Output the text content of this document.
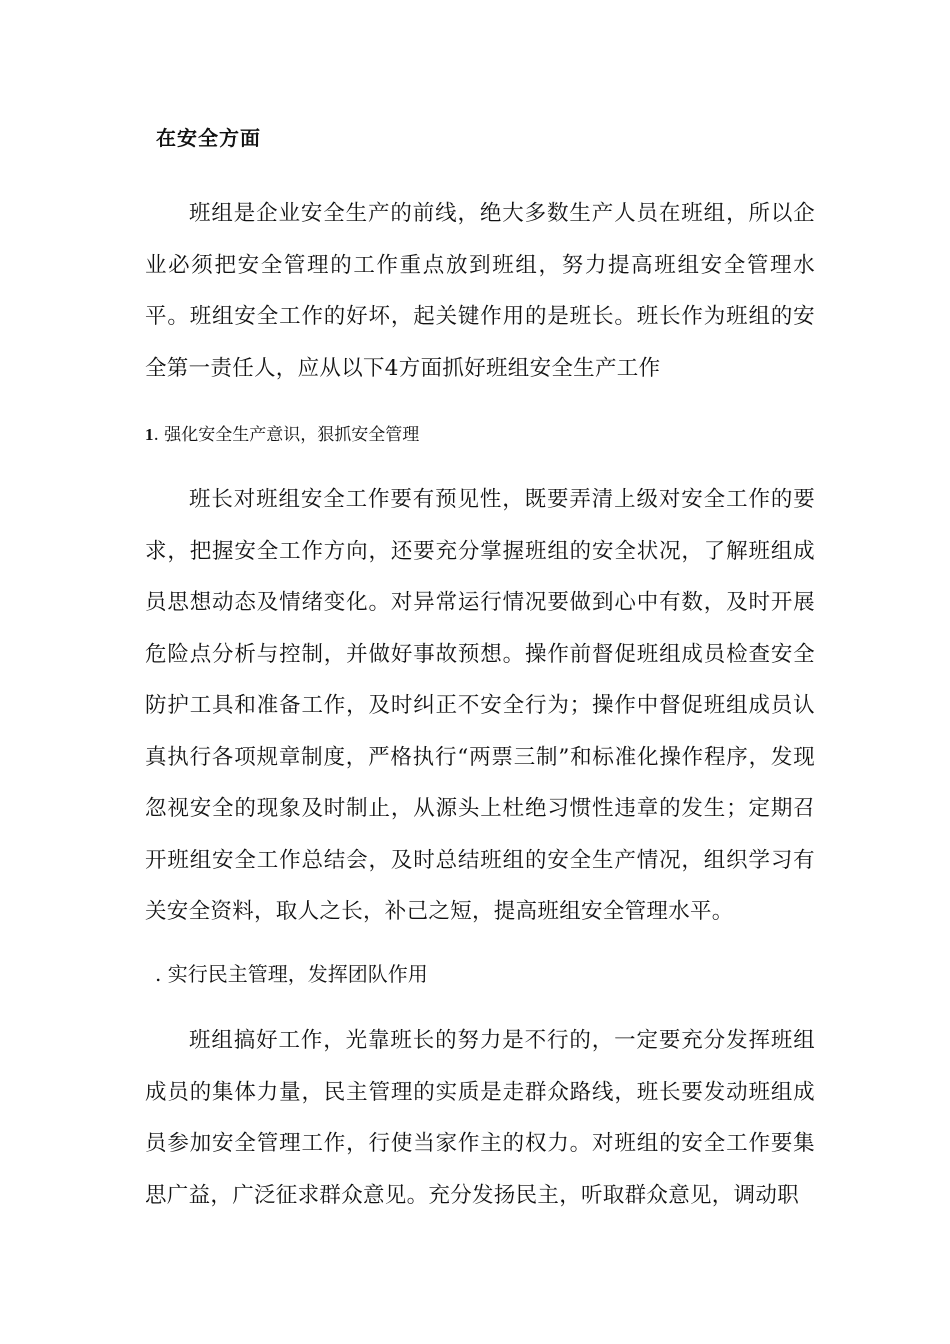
在安全方面

班组是企业安全生产的前线，绝大多数生产人员在班组，所以企业必须把安全管理的工作重点放到班组，努力提高班组安全管理水平。班组安全工作的好坏，起关键作用的是班长。班长作为班组的安全第一责任人，应从以下4方面抓好班组安全生产工作

1. 强化安全生产意识，狠抓安全管理

班长对班组安全工作要有预见性，既要弄清上级对安全工作的要求，把握安全工作方向，还要充分掌握班组的安全状况，了解班组成员思想动态及情绪变化。对异常运行情况要做到心中有数，及时开展危险点分析与控制，并做好事故预想。操作前督促班组成员检查安全防护工具和准备工作，及时纠正不安全行为；操作中督促班组成员认真执行各项规章制度，严格执行“两票三制”和标准化操作程序，发现忽视安全的现象及时制止，从源头上杜绝习惯性违章的发生；定期召开班组安全工作总结会，及时总结班组的安全生产情况，组织学习有关安全资料，取人之长，补己之短，提高班组安全管理水平。

. 实行民主管理，发挥团队作用

班组搞好工作，光靠班长的努力是不行的，一定要充分发挥班组成员的集体力量，民主管理的实质是走群众路线，班长要发动班组成员参加安全管理工作，行使当家作主的权力。对班组的安全工作要集思广益，广泛征求群众意见。充分发扬民主，听取群众意见，调动职
